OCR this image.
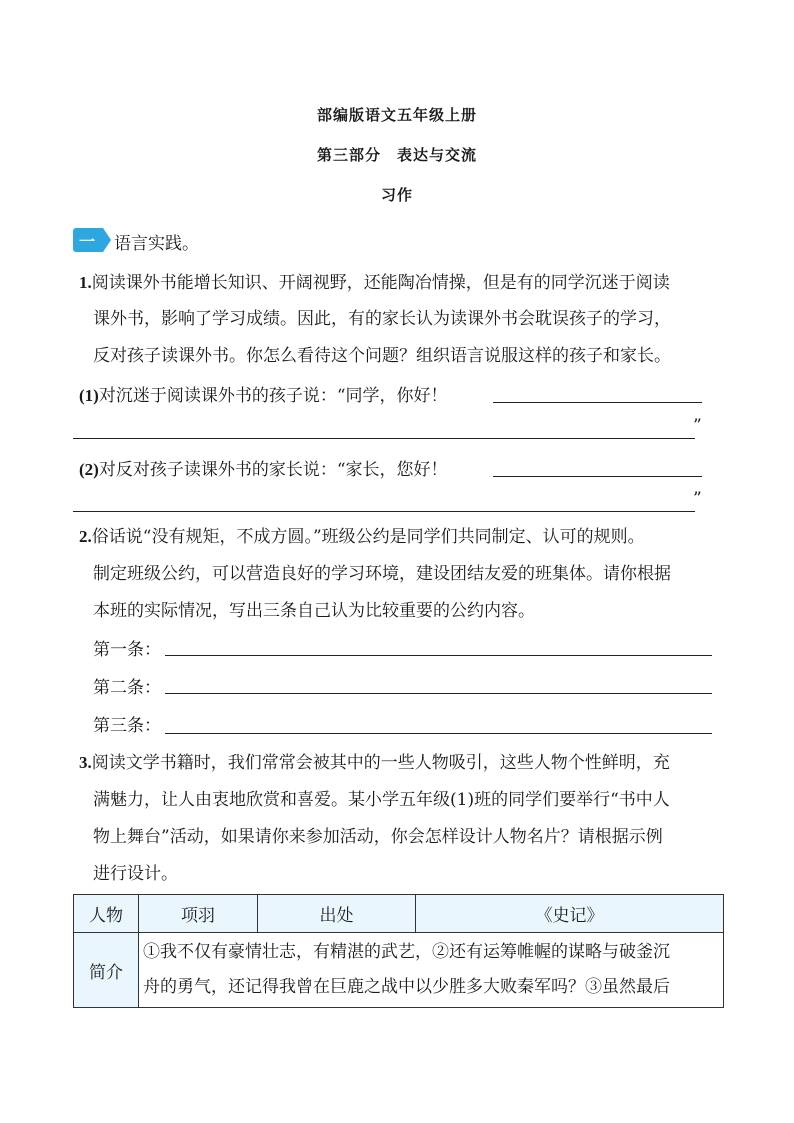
部编版语文五年级上册
第三部分　表达与交流
习作
一 语言实践。
1.阅读课外书能增长知识、开阔视野，还能陶冶情操，但是有的同学沉迷于阅读
课外书，影响了学习成绩。因此，有的家长认为读课外书会耽误孩子的学习，
反对孩子读课外书。你怎么看待这个问题？组织语言说服这样的孩子和家长。
(1)对沉迷于阅读课外书的孩子说：“同学，你好！
”
(2)对反对孩子读课外书的家长说：“家长，您好！
”
2.俗话说“没有规矩，不成方圆。”班级公约是同学们共同制定、认可的规则。
制定班级公约，可以营造良好的学习环境，建设团结友爱的班集体。请你根据
本班的实际情况，写出三条自己认为比较重要的公约内容。
第一条：
第二条：
第三条：
3.阅读文学书籍时，我们常常会被其中的一些人物吸引，这些人物个性鲜明，充
满魅力，让人由衷地欣赏和喜爱。某小学五年级(1)班的同学们要举行“书中人
物上舞台”活动，如果请你来参加活动，你会怎样设计人物名片？请根据示例
进行设计。
人物	项羽	出处	《史记》
简介	①我不仅有豪情壮志，有精湛的武艺，②还有运筹帷幄的谋略与破釜沉
舟的勇气，还记得我曾在巨鹿之战中以少胜多大败秦军吗？③虽然最后		
